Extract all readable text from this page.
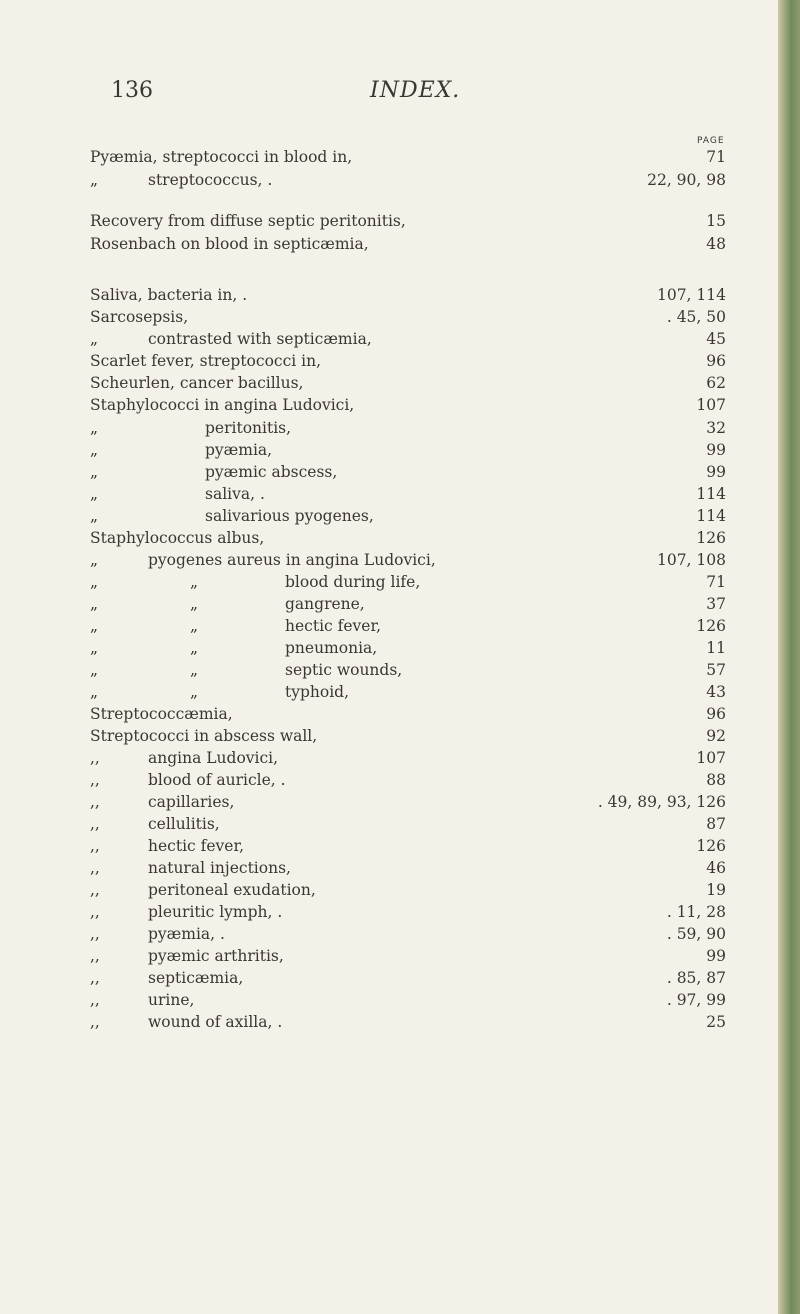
136	INDEX.
PAGE
Pyæmia, streptococci in blood in,	71
„	streptococcus, .	22, 90, 98
Recovery from diffuse septic peritonitis,	15
Rosenbach on blood in septicæmia,	48
Saliva, bacteria in, .	107, 114
Sarcosepsis,	. 45, 50
„	contrasted with septicæmia,	45
Scarlet fever, streptococci in,	96
Scheurlen, cancer bacillus,	62
Staphylococci in angina Ludovici,	107
„	peritonitis,	32
„	pyæmia,	99
„	pyæmic abscess,	99
„	saliva, .	114
„	salivarious pyogenes,	114
Staphylococcus albus,	126
„	pyogenes aureus in angina Ludovici,	107, 108
„	„	blood during life,	71
„	„	gangrene,	37
„	„	hectic fever,	126
„	„	pneumonia,	11
„	„	septic wounds,	57
„	„	typhoid,	43
Streptococcæmia,	96
Streptococci in abscess wall,	92
,,	angina Ludovici,	107
,,	blood of auricle, .	88
,,	capillaries,	. 49, 89, 93, 126
,,	cellulitis,	87
,,	hectic fever,	126
,,	natural injections,	46
,,	peritoneal exudation,	19
,,	pleuritic lymph, .	. 11, 28
,,	pyæmia, .	. 59, 90
,,	pyæmic arthritis,	99
,,	septicæmia,	. 85, 87
,,	urine,	. 97, 99
,,	wound of axilla, .	25
